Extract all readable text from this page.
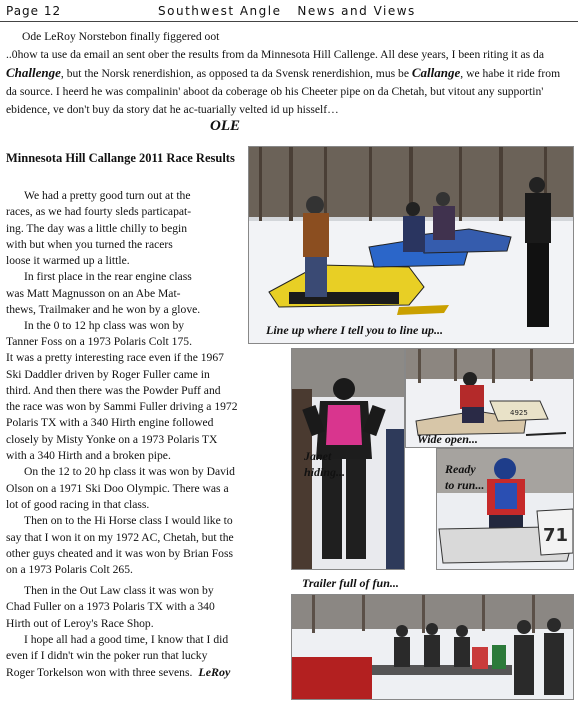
Page 12	Southwest Angle   News and Views
Ode LeRoy Norstebon finally figgered oot
..0how ta use da email an sent ober the results from da Minnesota Hill Callenge. All dese years, I been riting it as da Challenge, but the Norsk renerdishion, as opposed ta da Svensk renerdishion, mus be Callange, we habe it ride from da source. I heerd he was compalinin' aboot da coberage ob his Cheeter pipe on da Chetah, but vitout any supportin' ebidence, ve don't buy da story dat he ac-tuarially velted id up hisself…
OLE
Minnesota Hill Callange 2011 Race Results
We had a pretty good turn out at the
races, as we had fourty sleds particapat-
ing. The day was a little chilly to begin
with but when you turned the racers
loose it warmed up a little.
In first place in the rear engine class
was Matt Magnusson on an Abe Mat-
thews, Trailmaker and he won by a glove.
In the 0 to 12 hp class was won by
Tanner Foss on a 1973 Polaris Colt 175.
It was a pretty interesting race even if the 1967
Ski Daddler driven by Roger Fuller came in
third. And then there was the Powder Puff and
the race was won by Sammi Fuller driving a 1972
Polaris TX with a 340 Hirth engine followed
closely by Misty Yonke on a 1973 Polaris TX
with a 340 Hirth and a broken pipe.
On the 12 to 20 hp class it was won by David
Olson on a 1971 Ski Doo Olympic. There was a
lot of good racing in that class.
Then on to the Hi Horse class I would like to
say that I won it on my 1972 AC, Chetah, but the
other guys cheated and it was won by Brian Foss
on a 1973 Polaris Colt 265.
Then in the Out Law class it was won by
Chad Fuller on a 1973 Polaris TX with a 340
Hirth out of Leroy's Race Shop.
I hope all had a good time, I know that I did
even if I didn't win the poker run that lucky
Roger Torkelson won with three sevens. LeRoy
Line up where I tell you to line up...
Janet hiding...
4925
Wide open...
71
Ready to run...
Trailer full of fun...
